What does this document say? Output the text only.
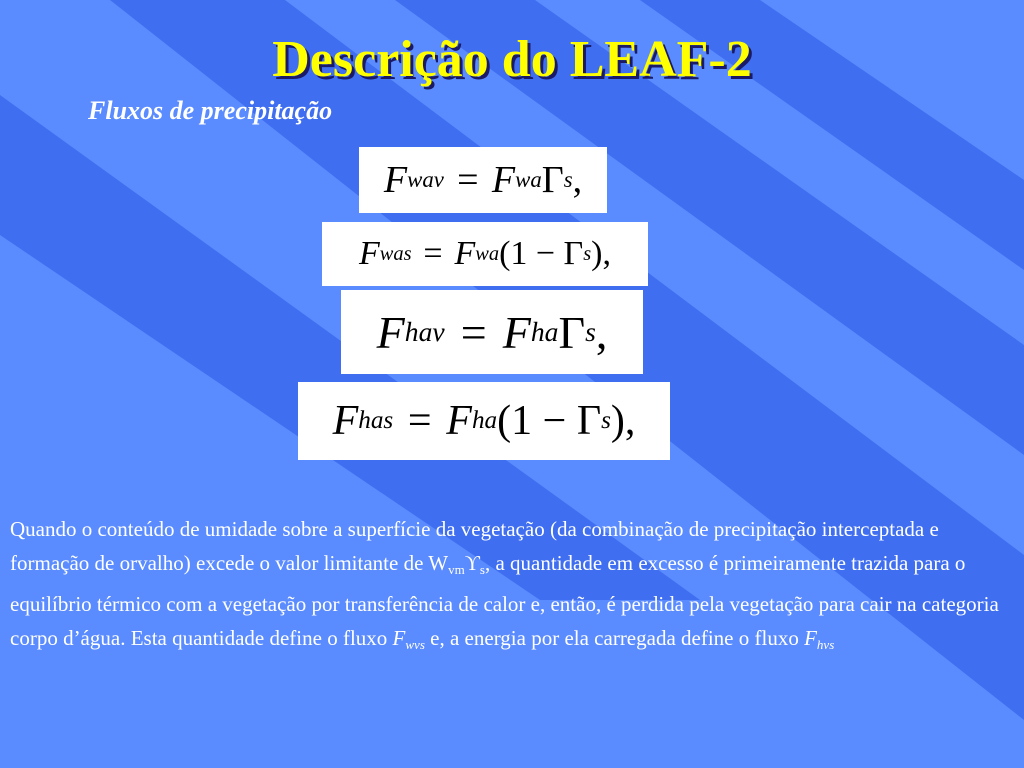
Descrição do LEAF-2
Fluxos de precipitação
F wav = F wa Γ s ,
F was = F wa (1 − Γ s ),
F hav = F ha Γ s ,
F has = F ha (1 − Γ s ),
Quando o conteúdo de umidade sobre a superfície da vegetação (da combinação de precipitação interceptada e formação de orvalho) excede o valor limitante de $W_{vm}ϒ_s$, a quantidade em excesso é primeiramente trazida para o equilíbrio térmico com a vegetação por transferência de calor e, então, é perdida pela vegetação para cair na categoria corpo d’água. Esta quantidade define o fluxo $F_{wvs}$ e, a energia por ela carregada define o fluxo $F_{hvs}$
